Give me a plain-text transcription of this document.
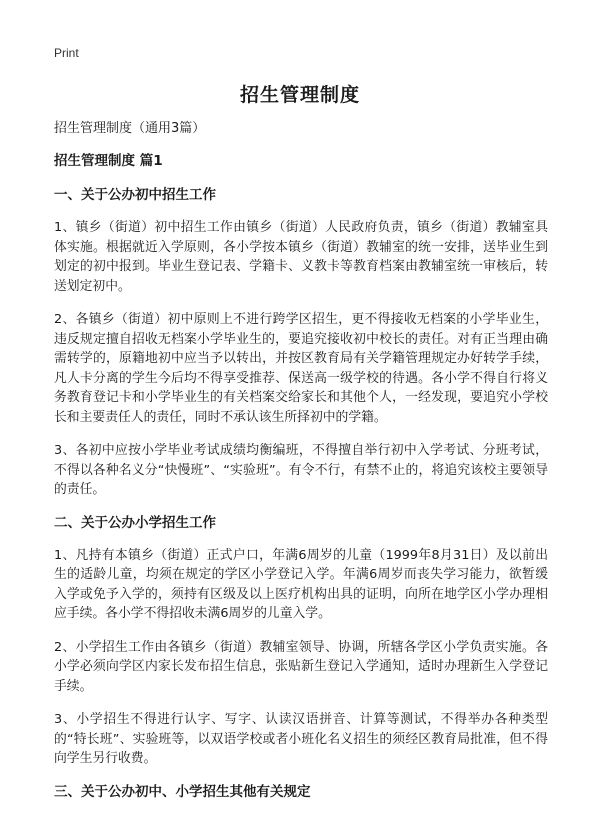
Print
招生管理制度

招生管理制度（通用3篇）

招生管理制度 篇1

一、关于公办初中招生工作

1、镇乡（街道）初中招生工作由镇乡（街道）人民政府负责，镇乡（街道）教辅室具体实施。根据就近入学原则，各小学按本镇乡（街道）教辅室的统一安排，送毕业生到划定的初中报到。毕业生登记表、学籍卡、义教卡等教育档案由教辅室统一审核后，转送划定初中。

2、各镇乡（街道）初中原则上不进行跨学区招生，更不得接收无档案的小学毕业生，违反规定擅自招收无档案小学毕业生的，要追究接收初中校长的责任。对有正当理由确需转学的，原籍地初中应当予以转出，并按区教育局有关学籍管理规定办好转学手续，凡人卡分离的学生今后均不得享受推荐、保送高一级学校的待遇。各小学不得自行将义务教育登记卡和小学毕业生的有关档案交给家长和其他个人，一经发现，要追究小学校长和主要责任人的责任，同时不承认该生所择初中的学籍。

3、各初中应按小学毕业考试成绩均衡编班，不得擅自举行初中入学考试、分班考试，不得以各种名义分“快慢班”、“实验班”。有令不行，有禁不止的，将追究该校主要领导的责任。

二、关于公办小学招生工作

1、凡持有本镇乡（街道）正式户口，年满6周岁的儿童（1999年8月31日）及以前出生的适龄儿童，均须在规定的学区小学登记入学。年满6周岁而丧失学习能力，欲暂缓入学或免予入学的，须持有区级及以上医疗机构出具的证明，向所在地学区小学办理相应手续。各小学不得招收未满6周岁的儿童入学。

2、小学招生工作由各镇乡（街道）教辅室领导、协调，所辖各学区小学负责实施。各小学必须向学区内家长发布招生信息，张贴新生登记入学通知，适时办理新生入学登记手续。

3、小学招生不得进行认字、写字、认读汉语拼音、计算等测试，不得举办各种类型的“特长班”、实验班等，以双语学校或者小班化名义招生的须经区教育局批准，但不得向学生另行收费。

三、关于公办初中、小学招生其他有关规定
